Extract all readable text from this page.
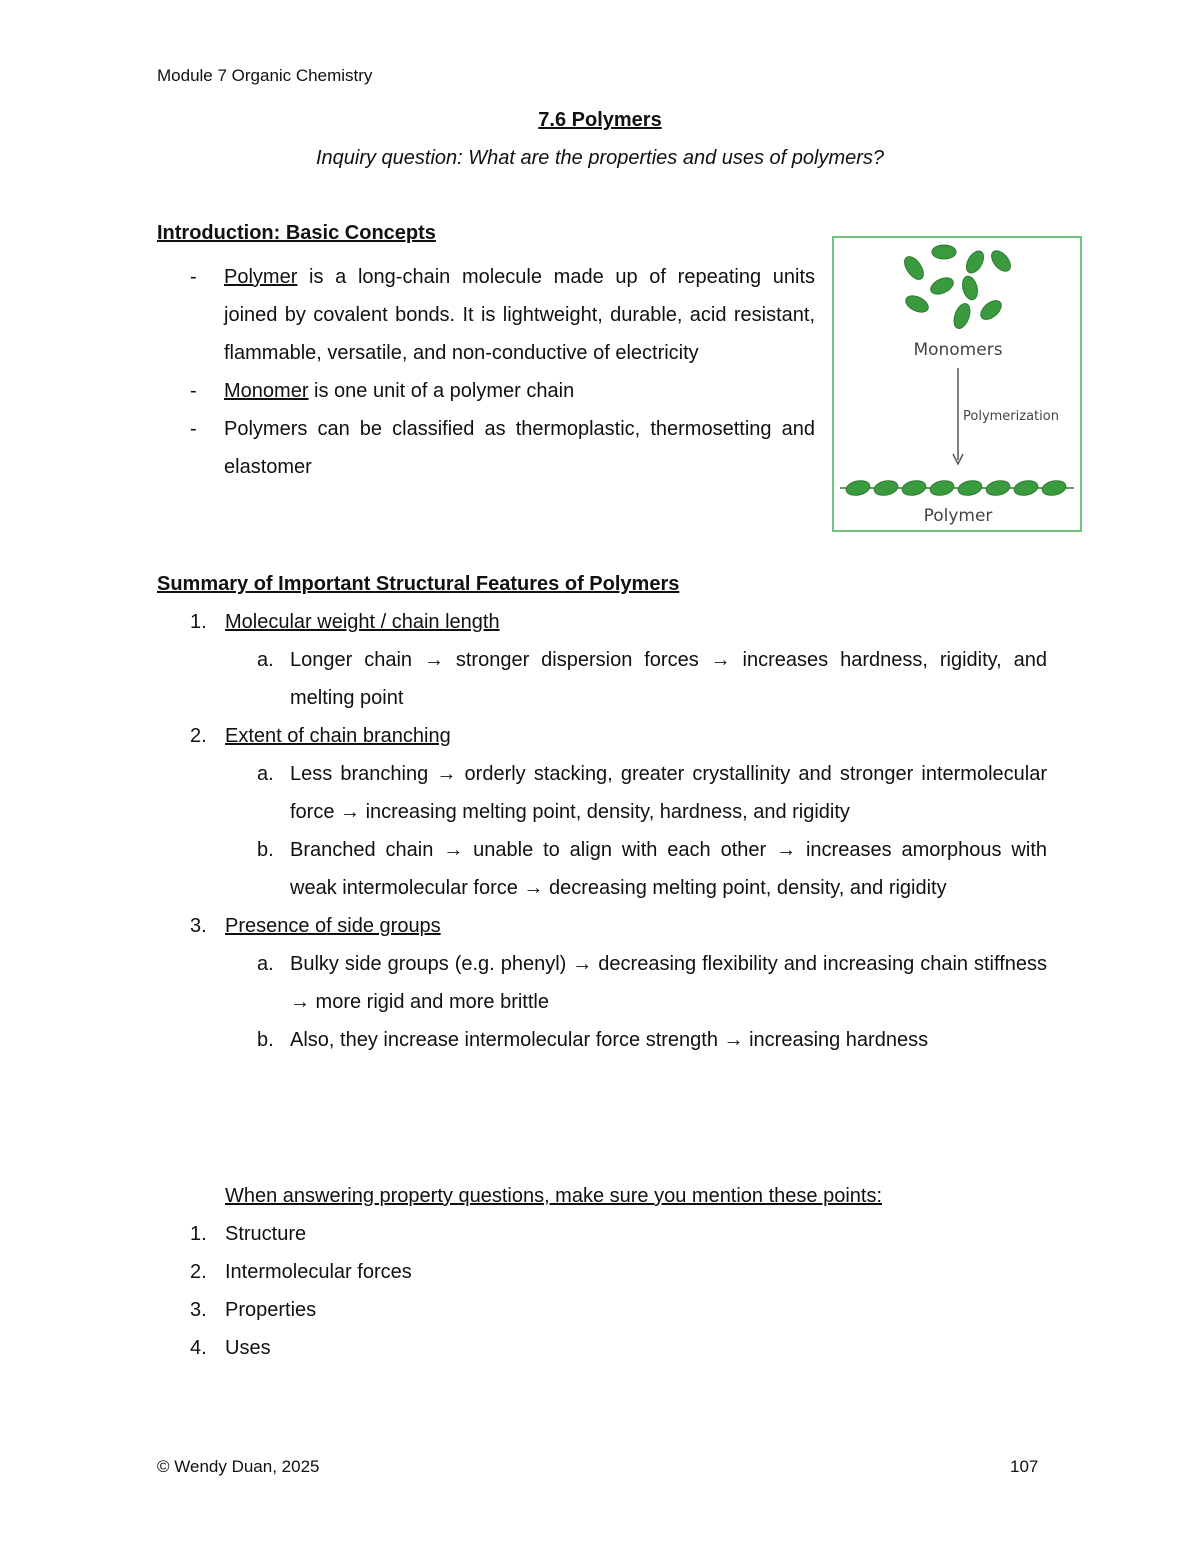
Module 7 Organic Chemistry
7.6 Polymers
Inquiry question: What are the properties and uses of polymers?
Introduction: Basic Concepts
- Polymer is a long-chain molecule made up of repeating units joined by covalent bonds. It is lightweight, durable, acid resistant, flammable, versatile, and non-conductive of electricity
- Monomer is one unit of a polymer chain
- Polymers can be classified as thermoplastic, thermosetting and elastomer
Monomers
Polymerization
Polymer
Summary of Important Structural Features of Polymers
1. Molecular weight / chain length
a. Longer chain → stronger dispersion forces → increases hardness, rigidity, and melting point
2. Extent of chain branching
a. Less branching → orderly stacking, greater crystallinity and stronger intermolecular force → increasing melting point, density, hardness, and rigidity
b. Branched chain → unable to align with each other → increases amorphous with weak intermolecular force → decreasing melting point, density, and rigidity
3. Presence of side groups
a. Bulky side groups (e.g. phenyl) → decreasing flexibility and increasing chain stiffness → more rigid and more brittle
b. Also, they increase intermolecular force strength → increasing hardness
When answering property questions, make sure you mention these points:
1. Structure
2. Intermolecular forces
3. Properties
4. Uses
© Wendy Duan, 2025	107
